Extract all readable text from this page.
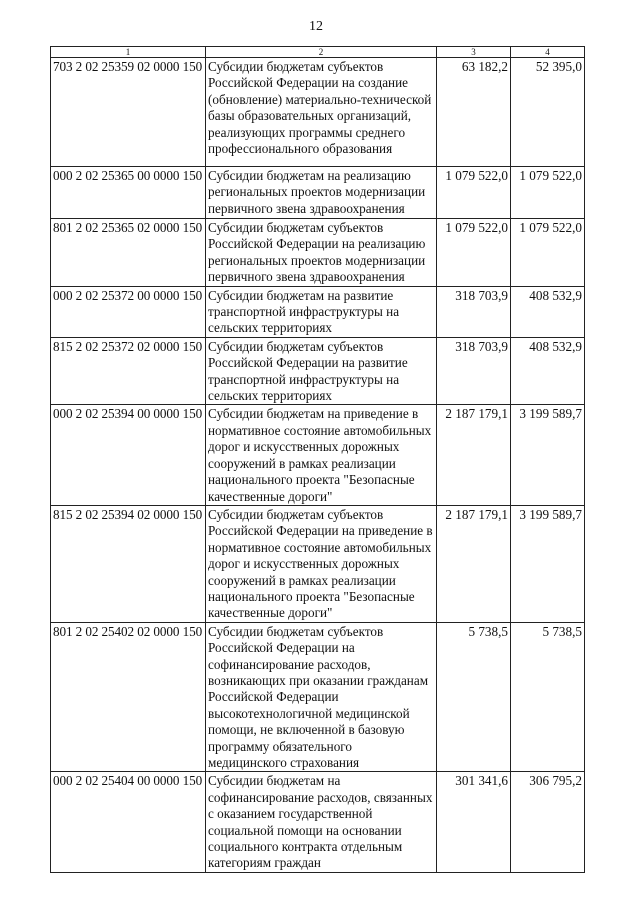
12
1	2	3	4
703 2 02 25359 02 0000 150	Субсидии бюджетам субъектов Российской Федерации на создание (обновление) материально-технической базы образовательных организаций, реализующих программы среднего профессионального образования	63 182,2	52 395,0
000 2 02 25365 00 0000 150	Субсидии бюджетам на реализацию региональных проектов модернизации первичного звена здравоохранения	1 079 522,0	1 079 522,0
801 2 02 25365 02 0000 150	Субсидии бюджетам субъектов Российской Федерации на реализацию региональных проектов модернизации первичного звена здравоохранения	1 079 522,0	1 079 522,0
000 2 02 25372 00 0000 150	Субсидии бюджетам на развитие транспортной инфраструктуры на сельских территориях	318 703,9	408 532,9
815 2 02 25372 02 0000 150	Субсидии бюджетам субъектов Российской Федерации на развитие транспортной инфраструктуры на сельских территориях	318 703,9	408 532,9
000 2 02 25394 00 0000 150	Субсидии бюджетам на приведение в нормативное состояние автомобильных дорог и искусственных дорожных сооружений в рамках реализации национального проекта "Безопасные качественные дороги"	2 187 179,1	3 199 589,7
815 2 02 25394 02 0000 150	Субсидии бюджетам субъектов Российской Федерации на приведение в нормативное состояние автомобильных дорог и искусственных дорожных сооружений в рамках реализации национального проекта "Безопасные качественные дороги"	2 187 179,1	3 199 589,7
801 2 02 25402 02 0000 150	Субсидии бюджетам субъектов Российской Федерации на софинансирование расходов, возникающих при оказании гражданам Российской Федерации высокотехнологичной медицинской помощи, не включенной в базовую программу обязательного медицинского страхования	5 738,5	5 738,5
000 2 02 25404 00 0000 150	Субсидии бюджетам на софинансирование расходов, связанных с оказанием государственной социальной помощи на основании социального контракта отдельным категориям граждан	301 341,6	306 795,2
